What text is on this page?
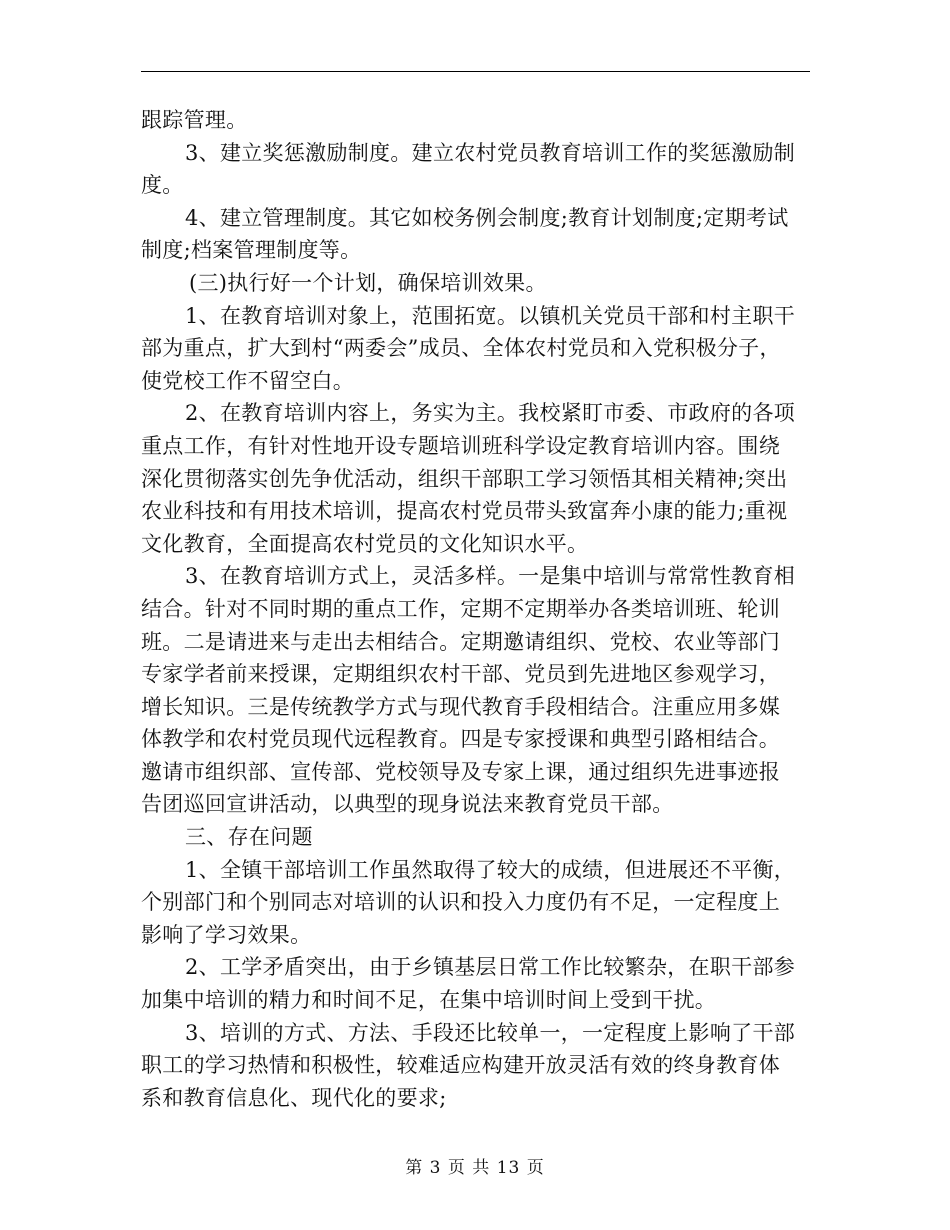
跟踪管理。
3、建立奖惩激励制度。建立农村党员教育培训工作的奖惩激励制
度。
4、建立管理制度。其它如校务例会制度;教育计划制度;定期考试
制度;档案管理制度等。
(三)执行好一个计划，确保培训效果。
1、在教育培训对象上，范围拓宽。以镇机关党员干部和村主职干
部为重点，扩大到村“两委会”成员、全体农村党员和入党积极分子，
使党校工作不留空白。
2、在教育培训内容上，务实为主。我校紧盯市委、市政府的各项
重点工作，有针对性地开设专题培训班科学设定教育培训内容。围绕
深化贯彻落实创先争优活动，组织干部职工学习领悟其相关精神;突出
农业科技和有用技术培训，提高农村党员带头致富奔小康的能力;重视
文化教育，全面提高农村党员的文化知识水平。
3、在教育培训方式上，灵活多样。一是集中培训与常常性教育相
结合。针对不同时期的重点工作，定期不定期举办各类培训班、轮训
班。二是请进来与走出去相结合。定期邀请组织、党校、农业等部门
专家学者前来授课，定期组织农村干部、党员到先进地区参观学习，
增长知识。三是传统教学方式与现代教育手段相结合。注重应用多媒
体教学和农村党员现代远程教育。四是专家授课和典型引路相结合。
邀请市组织部、宣传部、党校领导及专家上课，通过组织先进事迹报
告团巡回宣讲活动，以典型的现身说法来教育党员干部。
三、存在问题
1、全镇干部培训工作虽然取得了较大的成绩，但进展还不平衡，
个别部门和个别同志对培训的认识和投入力度仍有不足，一定程度上
影响了学习效果。
2、工学矛盾突出，由于乡镇基层日常工作比较繁杂，在职干部参
加集中培训的精力和时间不足，在集中培训时间上受到干扰。
3、培训的方式、方法、手段还比较单一，一定程度上影响了干部
职工的学习热情和积极性，较难适应构建开放灵活有效的终身教育体
系和教育信息化、现代化的要求;
第 3 页 共 13 页
